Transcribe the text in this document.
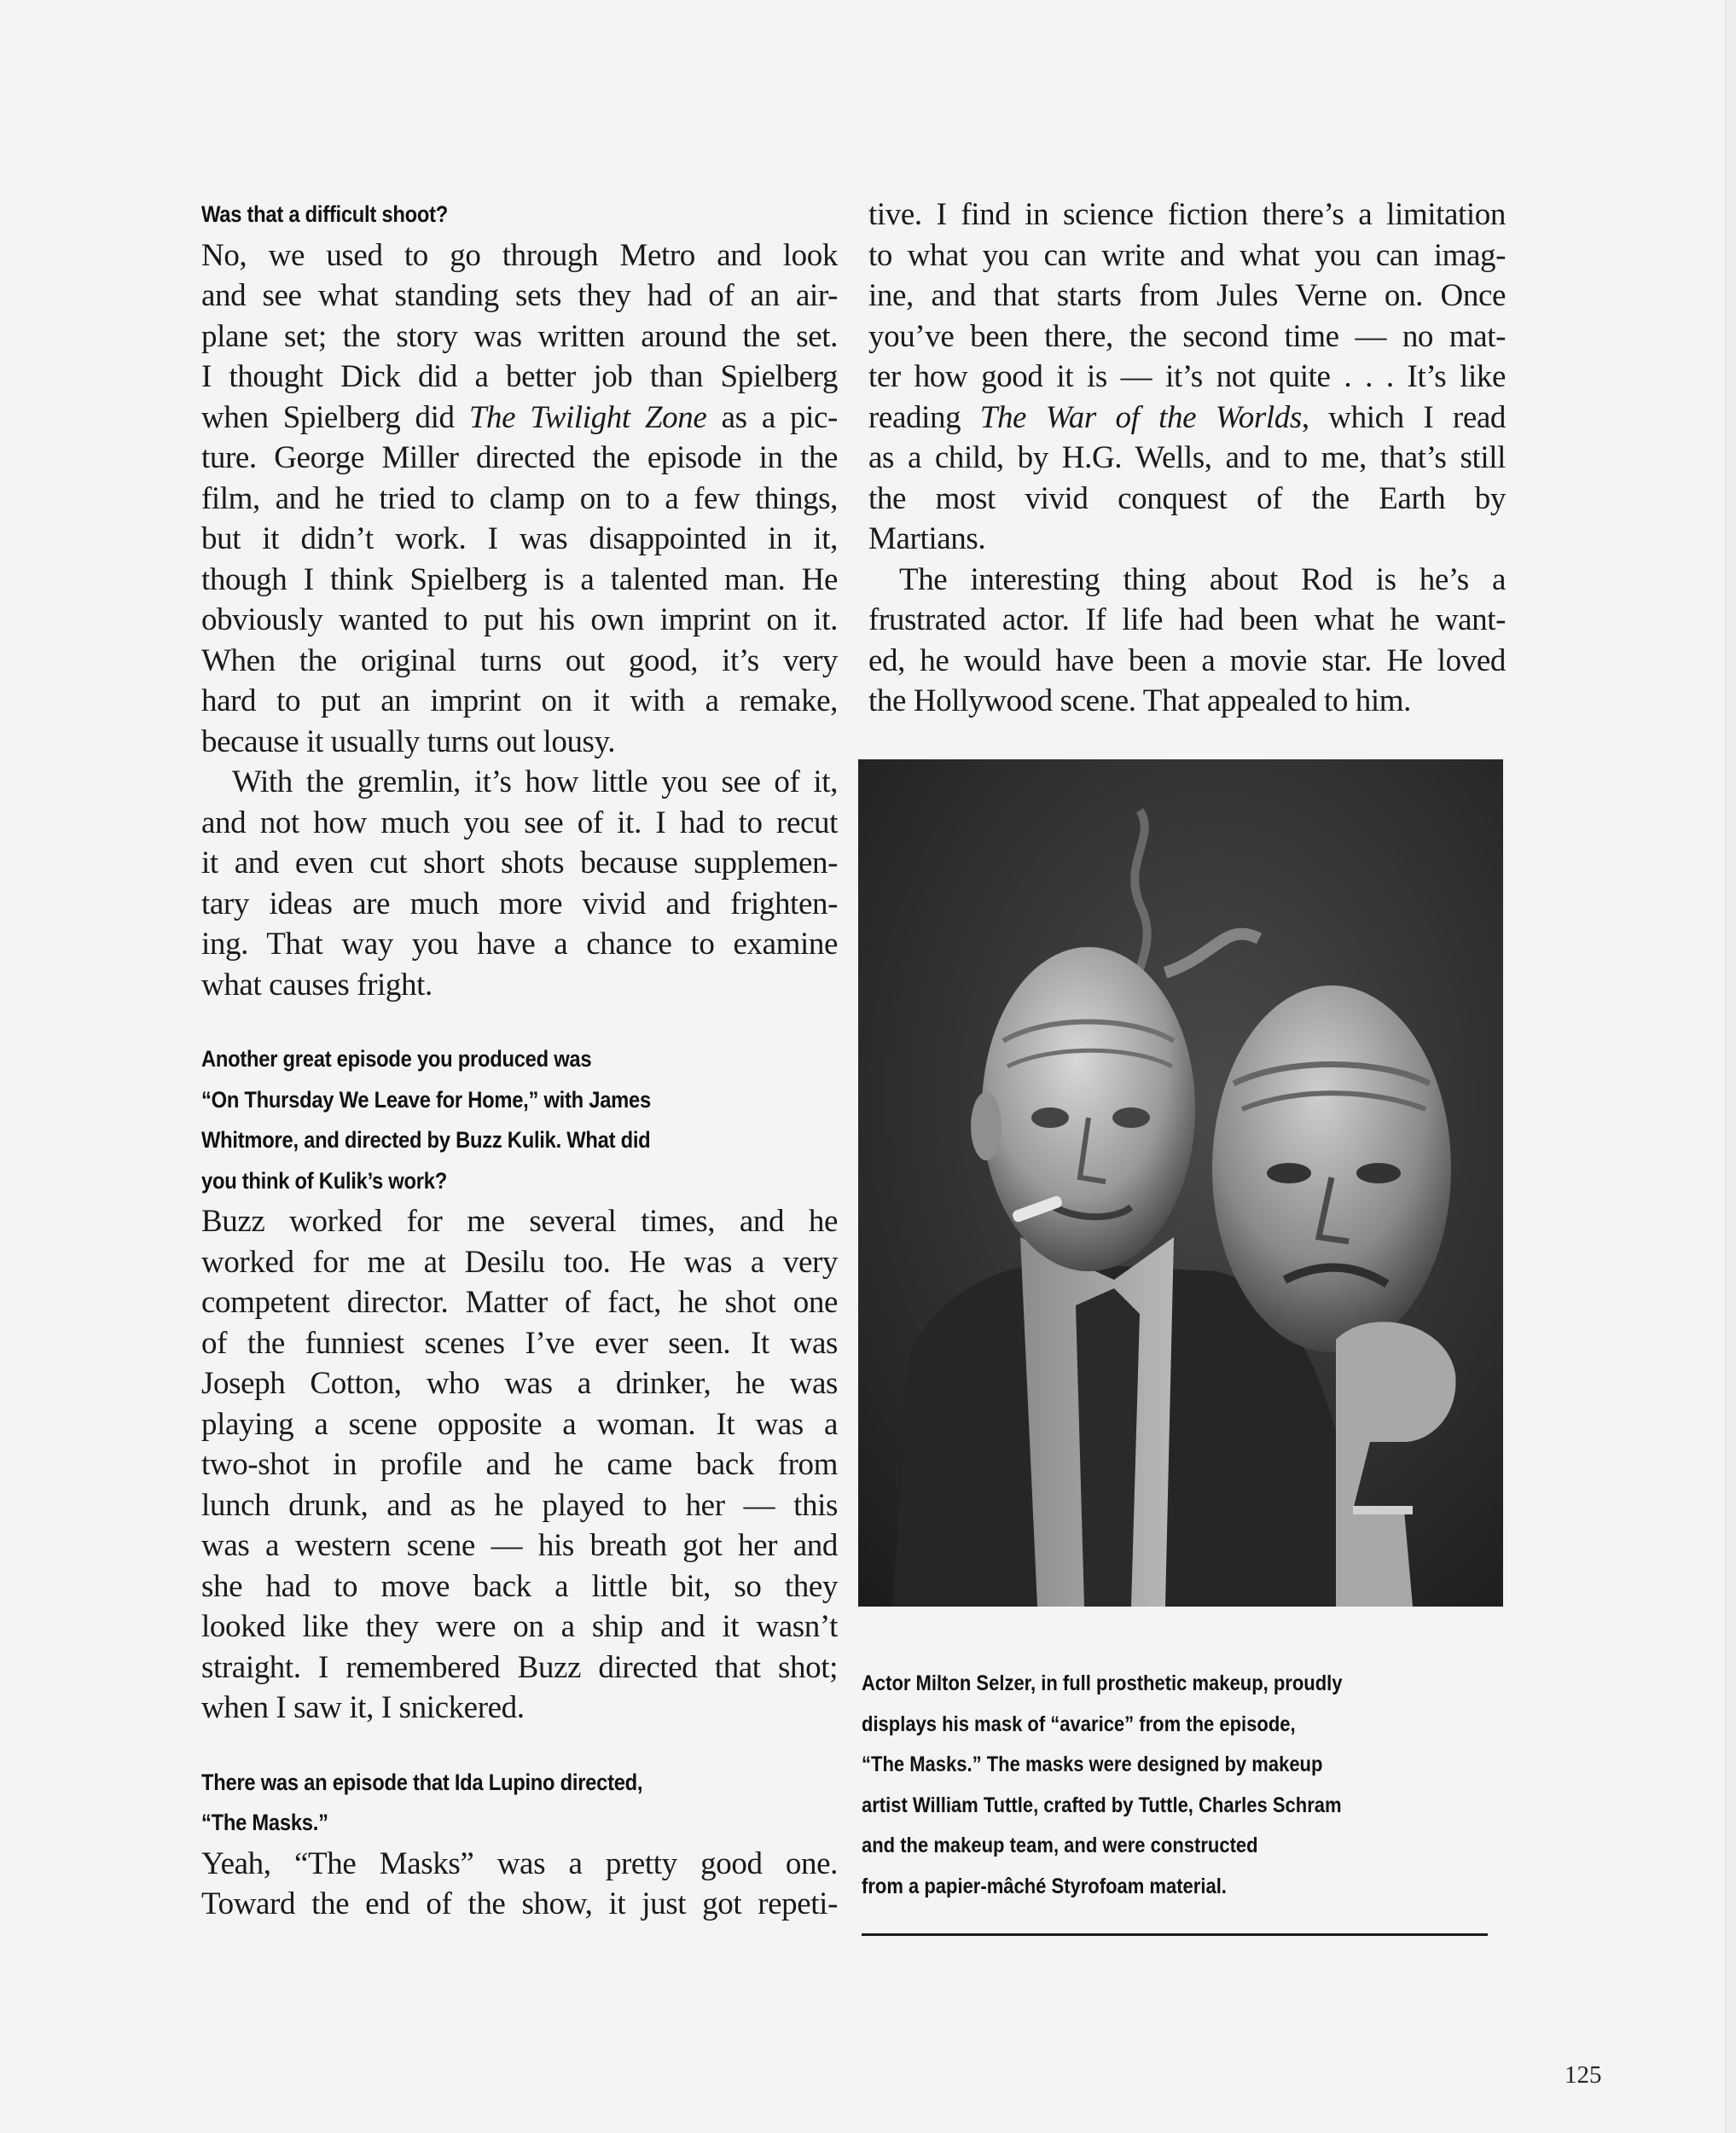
Was that a difficult shoot?
No, we used to go through Metro and look
and see what standing sets they had of an air-
plane set; the story was written around the set.
I thought Dick did a better job than Spielberg
when Spielberg did The Twilight Zone as a pic-
ture. George Miller directed the episode in the
film, and he tried to clamp on to a few things,
but it didn’t work. I was disappointed in it,
though I think Spielberg is a talented man. He
obviously wanted to put his own imprint on it.
When the original turns out good, it’s very
hard to put an imprint on it with a remake,
because it usually turns out lousy.
With the gremlin, it’s how little you see of it,
and not how much you see of it. I had to recut
it and even cut short shots because supplemen-
tary ideas are much more vivid and frighten-
ing. That way you have a chance to examine
what causes fright.
Another great episode you produced was
“On Thursday We Leave for Home,” with James
Whitmore, and directed by Buzz Kulik. What did
you think of Kulik’s work?
Buzz worked for me several times, and he
worked for me at Desilu too. He was a very
competent director. Matter of fact, he shot one
of the funniest scenes I’ve ever seen. It was
Joseph Cotton, who was a drinker, he was
playing a scene opposite a woman. It was a
two-shot in profile and he came back from
lunch drunk, and as he played to her — this
was a western scene — his breath got her and
she had to move back a little bit, so they
looked like they were on a ship and it wasn’t
straight. I remembered Buzz directed that shot;
when I saw it, I snickered.
There was an episode that Ida Lupino directed,
“The Masks.”
Yeah, “The Masks” was a pretty good one.
Toward the end of the show, it just got repeti-
tive. I find in science fiction there’s a limitation
to what you can write and what you can imag-
ine, and that starts from Jules Verne on. Once
you’ve been there, the second time — no mat-
ter how good it is — it’s not quite . . . It’s like
reading The War of the Worlds, which I read
as a child, by H.G. Wells, and to me, that’s still
the most vivid conquest of the Earth by
Martians.
The interesting thing about Rod is he’s a
frustrated actor. If life had been what he want-
ed, he would have been a movie star. He loved
the Hollywood scene. That appealed to him.
Actor Milton Selzer, in full prosthetic makeup, proudly
displays his mask of “avarice” from the episode,
“The Masks.” The masks were designed by makeup
artist William Tuttle, crafted by Tuttle, Charles Schram
and the makeup team, and were constructed
from a papier-mâché Styrofoam material.
125
